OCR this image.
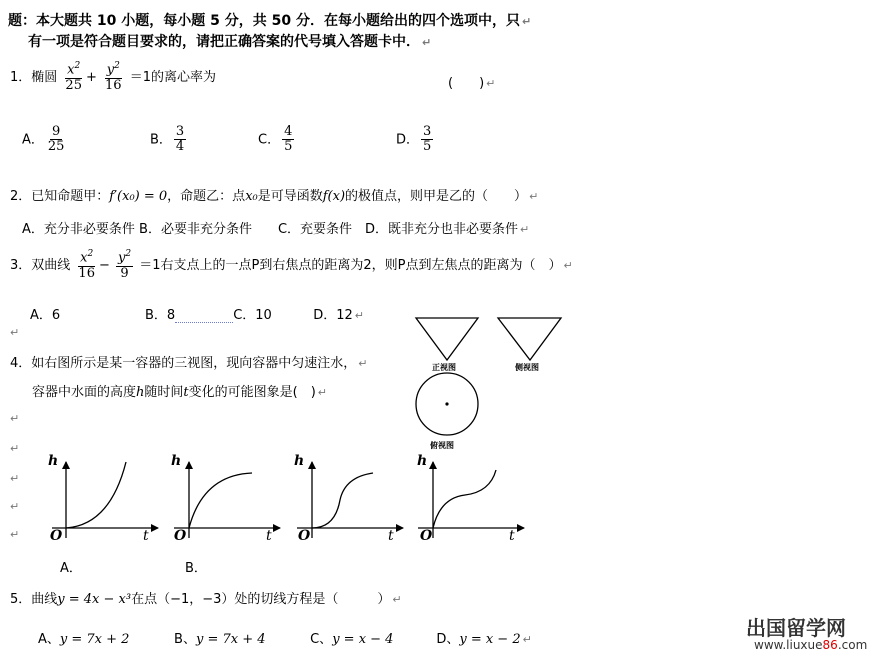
题：本大题共 10 小题，每小题 5 分，共 50 分．在每小题给出的四个选项中，只 ↵
有一项是符合题目要求的，请把正确答案的代号填入答题卡中． ↵
1．椭圆 $\frac{x^2}{25} + \frac{y^2}{16} =1$的离心率为	(　　) ↵
A． $\frac{9}{25}$	B． $\frac{3}{4}$	C． $\frac{4}{5}$	D． $\frac{3}{5}$
2．已知命题甲：f′(x₀) = 0，命题乙：点x₀是可导函数f(x)的极值点，则甲是乙的（　　） ↵
A．充分非必要条件 B．必要非充分条件　　C．充要条件　D．既非充分也非必要条件 ↵
3．双曲线 $\frac{x^2}{16} - \frac{y^2}{9} =1$右支点上的一点P到右焦点的距离为2，则P点到左焦点的距离为（　） ↵
A．6	B．8	C．10	D．12 ↵
↵
4．如右图所示是某一容器的三视图，现向容器中匀速注水， ↵
容器中水面的高度h随时间t变化的可能图象是(　) ↵
↵
↵
↵
↵
↵
正视图	侧视图
俯视图
h
O	t
h
O	t
h
O	t
h
O	t
A．	B．
5．曲线y = 4x − x³在点（−1，−3）处的切线方程是（　　　） ↵
A、y = 7x + 2	B、y = 7x + 4	C、y = x − 4	D、y = x − 2 ↵	出国留学网
www.liuxue86.com
